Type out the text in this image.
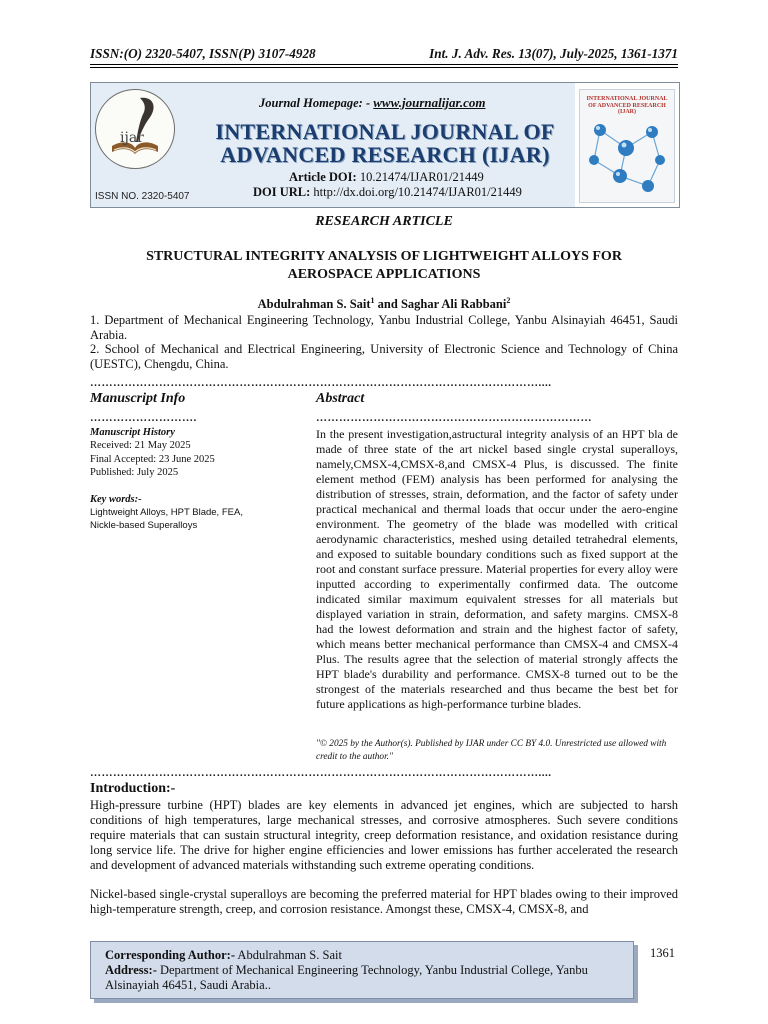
ISSN:(O) 2320-5407, ISSN(P) 3107-4928	Int. J. Adv. Res. 13(07), July-2025, 1361-1371
ijar
ISSN NO. 2320-5407
Journal Homepage: - www.journalijar.com
INTERNATIONAL JOURNAL OF
ADVANCED RESEARCH (IJAR)
Article DOI: 10.21474/IJAR01/21449
DOI URL: http://dx.doi.org/10.21474/IJAR01/21449
INTERNATIONAL JOURNAL OF ADVANCED RESEARCH (IJAR)
RESEARCH ARTICLE
STRUCTURAL INTEGRITY ANALYSIS OF LIGHTWEIGHT ALLOYS FOR
AEROSPACE APPLICATIONS
Abdulrahman S. Sait$^1$ and Saghar Ali Rabbani$^2$
1. Department of Mechanical Engineering Technology, Yanbu Industrial College, Yanbu Alsinayiah 46451, Saudi Arabia.
2. School of Mechanical and Electrical Engineering, University of Electronic Science and Technology of China (UESTC), Chengdu, China.
………………………………………………………………………………………………………....
Manuscript Info
……………………….
Manuscript History
Received: 21 May 2025
Final Accepted: 23 June 2025
Published: July 2025
Key words:-
Lightweight Alloys, HPT Blade, FEA, Nickle-based Superalloys
Abstract
………………………………………………………………
In the present investigation,astructural integrity analysis of an HPT bla de made of three state of the art nickel based single crystal superalloys, namely,CMSX-4,CMSX-8,and CMSX-4 Plus, is discussed. The finite element method (FEM) analysis has been performed for analysing the distribution of stresses, strain, deformation, and the factor of safety under practical mechanical and thermal loads that occur under the aero-engine environment. The geometry of the blade was modelled with critical aerodynamic characteristics, meshed using detailed tetrahedral elements, and exposed to suitable boundary conditions such as fixed support at the root and constant surface pressure. Material properties for every alloy were inputted according to experimentally confirmed data. The outcome indicated similar maximum equivalent stresses for all materials but displayed variation in strain, deformation, and safety margins. CMSX-8 had the lowest deformation and strain and the highest factor of safety, which means better mechanical performance than CMSX-4 and CMSX-4 Plus. The results agree that the selection of material strongly affects the HPT blade's durability and performance. CMSX-8 turned out to be the strongest of the materials researched and thus became the best bet for future applications as high-performance turbine blades.
"© 2025 by the Author(s). Published by IJAR under CC BY 4.0. Unrestricted use allowed with credit to the author."
………………………………………………………………………………………………………....
Introduction:-
High-pressure turbine (HPT) blades are key elements in advanced jet engines, which are subjected to harsh conditions of high temperatures, large mechanical stresses, and corrosive atmospheres. Such severe conditions require materials that can sustain structural integrity, creep deformation resistance, and oxidation resistance during long service life. The drive for higher engine efficiencies and lower emissions has further accelerated the research and development of advanced materials withstanding such extreme operating conditions.
Nickel-based single-crystal superalloys are becoming the preferred material for HPT blades owing to their improved high-temperature strength, creep, and corrosion resistance. Amongst these, CMSX-4, CMSX-8, and
Corresponding Author:- Abdulrahman S. Sait
Address:- Department of Mechanical Engineering Technology, Yanbu Industrial College, Yanbu Alsinayiah 46451, Saudi Arabia..
1361
